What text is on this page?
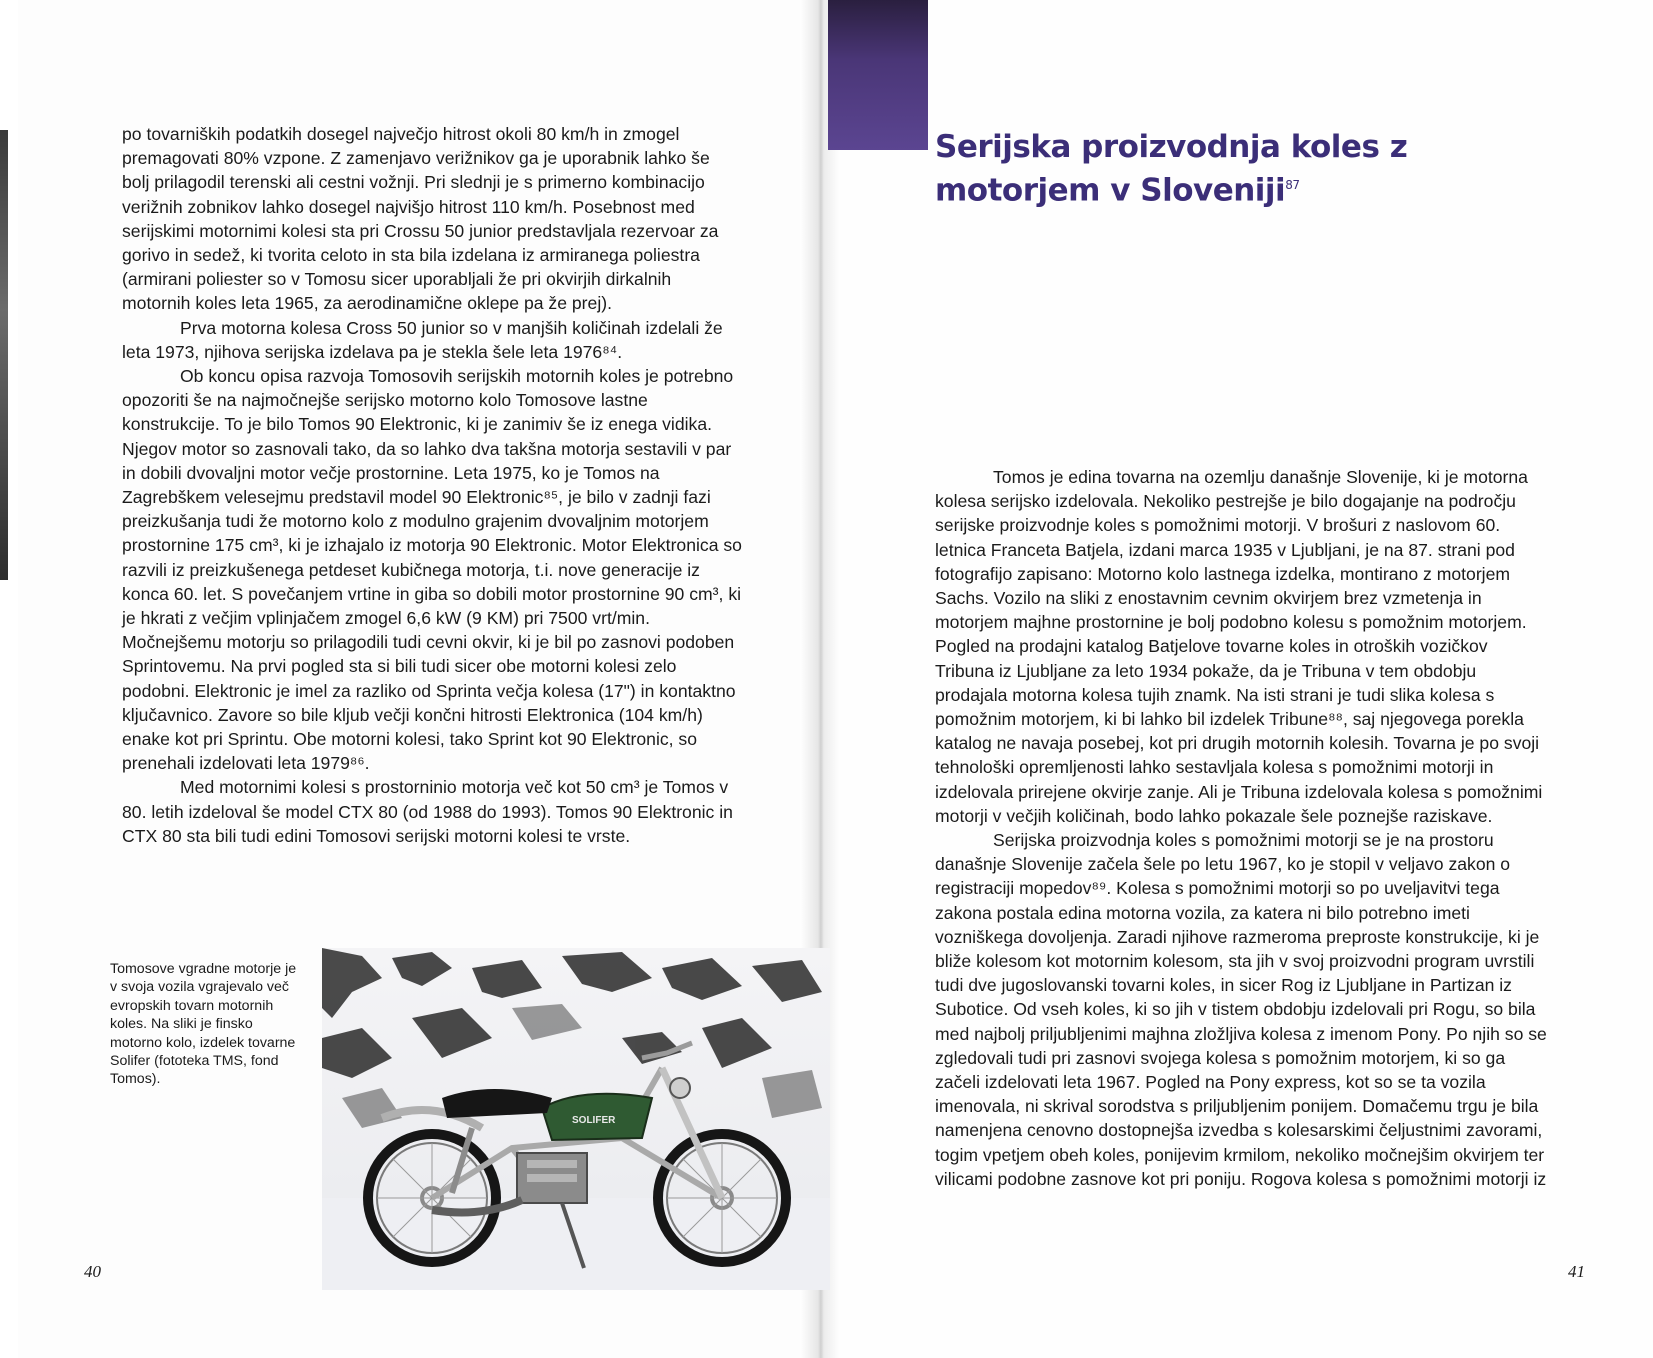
po tovarniških podatkih dosegel največjo hitrost okoli 80 km/h in zmogel premagovati 80% vzpone. Z zamenjavo verižnikov ga je uporabnik lahko še bolj prilagodil terenski ali cestni vožnji. Pri slednji je s primerno kombinacijo verižnih zobnikov lahko dosegel najvišjo hitrost 110 km/h. Posebnost med serijskimi motornimi kolesi sta pri Crossu 50 junior predstavljala rezervoar za gorivo in sedež, ki tvorita celoto in sta bila izdelana iz armiranega poliestra (armirani poliester so v Tomosu sicer uporabljali že pri okvirjih dirkalnih motornih koles leta 1965, za aerodinamične oklepe pa že prej).

Prva motorna kolesa Cross 50 junior so v manjših količinah izdelali že leta 1973, njihova serijska izdelava pa je stekla šele leta 1976⁸⁴.

Ob koncu opisa razvoja Tomosovih serijskih motornih koles je potrebno opozoriti še na najmočnejše serijsko motorno kolo Tomosove lastne konstrukcije. To je bilo Tomos 90 Elektronic, ki je zanimiv še iz enega vidika. Njegov motor so zasnovali tako, da so lahko dva takšna motorja sestavili v par in dobili dvovaljni motor večje prostornine. Leta 1975, ko je Tomos na Zagrebškem velesejmu predstavil model 90 Elektronic⁸⁵, je bilo v zadnji fazi preizkušanja tudi že motorno kolo z modulno grajenim dvovaljnim motorjem prostornine 175 cm³, ki je izhajalo iz motorja 90 Elektronic. Motor Elektronica so razvili iz preizkušenega petdeset kubičnega motorja, t.i. nove generacije iz konca 60. let. S povečanjem vrtine in giba so dobili motor prostornine 90 cm³, ki je hkrati z večjim vplinjačem zmogel 6,6 kW (9 KM) pri 7500 vrt/min. Močnejšemu motorju so prilagodili tudi cevni okvir, ki je bil po zasnovi podoben Sprintovemu. Na prvi pogled sta si bili tudi sicer obe motorni kolesi zelo podobni. Elektronic je imel za razliko od Sprinta večja kolesa (17") in kontaktno ključavnico. Zavore so bile kljub večji končni hitrosti Elektronica (104 km/h) enake kot pri Sprintu. Obe motorni kolesi, tako Sprint kot 90 Elektronic, so prenehali izdelovati leta 1979⁸⁶.

Med motornimi kolesi s prostorninio motorja več kot 50 cm³ je Tomos v 80. letih izdeloval še model CTX 80 (od 1988 do 1993). Tomos 90 Elektronic in CTX 80 sta bili tudi edini Tomosovi serijski motorni kolesi te vrste.

Tomosove vgradne motorje je v svoja vozila vgrajevalo več evropskih tovarn motornih koles. Na sliki je finsko motorno kolo, izdelek tovarne Solifer (fototeka TMS, fond Tomos).
SOLIFER
40
Serijska proizvodnja koles z motorjem v Sloveniji$^{87}$

Tomos je edina tovarna na ozemlju današnje Slovenije, ki je motorna kolesa serijsko izdelovala. Nekoliko pestrejše je bilo dogajanje na področju serijske proizvodnje koles s pomožnimi motorji. V brošuri z naslovom 60. letnica Franceta Batjela, izdani marca 1935 v Ljubljani, je na 87. strani pod fotografijo zapisano: Motorno kolo lastnega izdelka, montirano z motorjem Sachs. Vozilo na sliki z enostavnim cevnim okvirjem brez vzmetenja in motorjem majhne prostornine je bolj podobno kolesu s pomožnim motorjem. Pogled na prodajni katalog Batjelove tovarne koles in otroških vozičkov Tribuna iz Ljubljane za leto 1934 pokaže, da je Tribuna v tem obdobju prodajala motorna kolesa tujih znamk. Na isti strani je tudi slika kolesa s pomožnim motorjem, ki bi lahko bil izdelek Tribune⁸⁸, saj njegovega porekla katalog ne navaja posebej, kot pri drugih motornih kolesih. Tovarna je po svoji tehnološki opremljenosti lahko sestavljala kolesa s pomožnimi motorji in izdelovala prirejene okvirje zanje. Ali je Tribuna izdelovala kolesa s pomožnimi motorji v večjih količinah, bodo lahko pokazale šele poznejše raziskave.

Serijska proizvodnja koles s pomožnimi motorji se je na prostoru današnje Slovenije začela šele po letu 1967, ko je stopil v veljavo zakon o registraciji mopedov⁸⁹. Kolesa s pomožnimi motorji so po uveljavitvi tega zakona postala edina motorna vozila, za katera ni bilo potrebno imeti vozniškega dovoljenja. Zaradi njihove razmeroma preproste konstrukcije, ki je bliže kolesom kot motornim kolesom, sta jih v svoj proizvodni program uvrstili tudi dve jugoslovanski tovarni koles, in sicer Rog iz Ljubljane in Partizan iz Subotice. Od vseh koles, ki so jih v tistem obdobju izdelovali pri Rogu, so bila med najbolj priljubljenimi majhna zložljiva kolesa z imenom Pony. Po njih so se zgledovali tudi pri zasnovi svojega kolesa s pomožnim motorjem, ki so ga začeli izdelovati leta 1967. Pogled na Pony express, kot so se ta vozila imenovala, ni skrival sorodstva s priljubljenim ponijem. Domačemu trgu je bila namenjena cenovno dostopnejša izvedba s kolesarskimi čeljustnimi zavorami, togim vpetjem obeh koles, ponijevim krmilom, nekoliko močnejšim okvirjem ter vilicami podobne zasnove kot pri poniju. Rogova kolesa s pomožnimi motorji iz

41
